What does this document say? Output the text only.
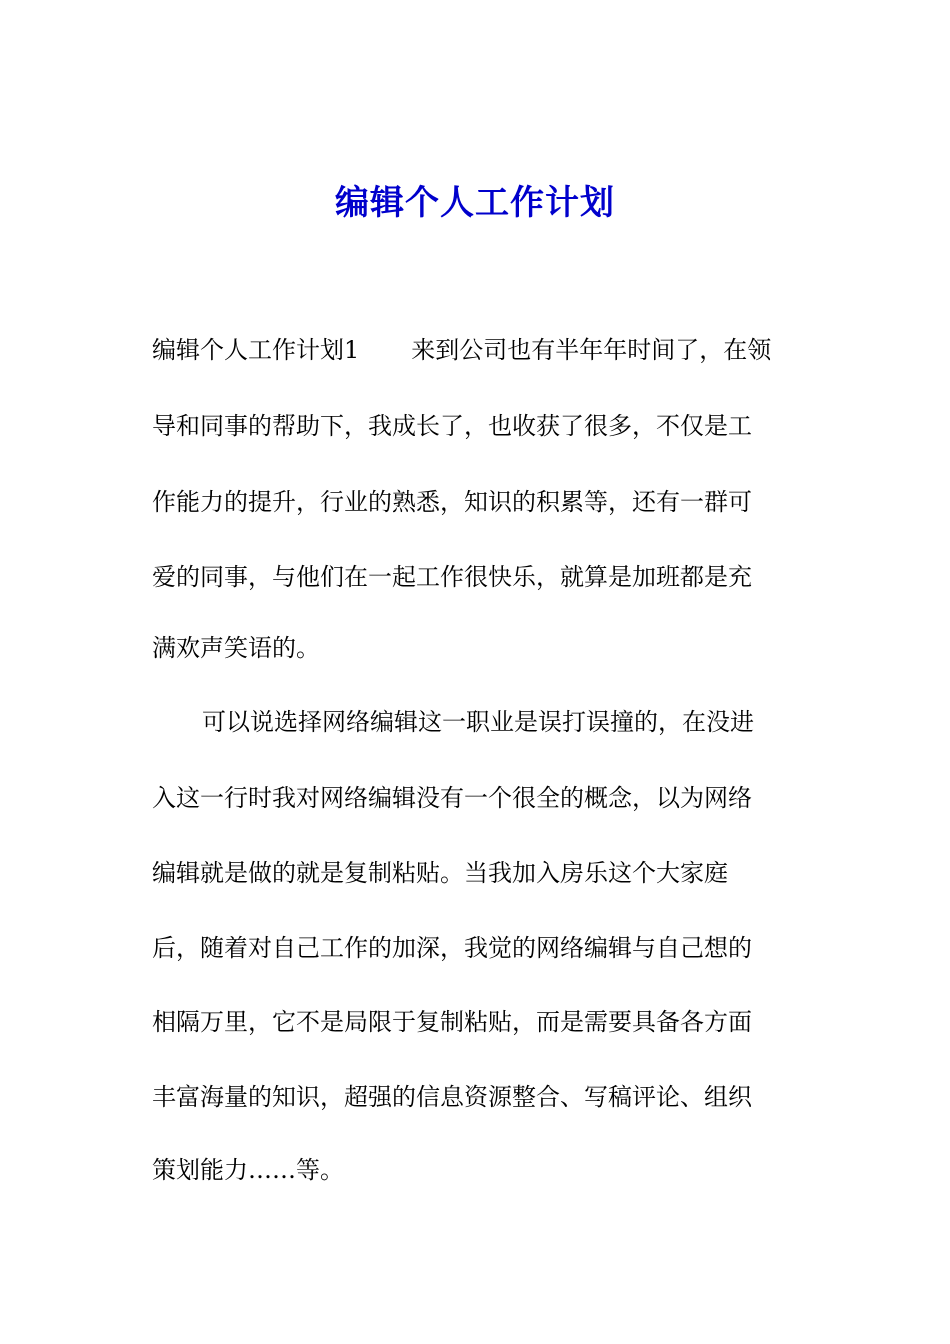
编辑个人工作计划
编辑个人工作计划1 来到公司也有半年年时间了，在领
导和同事的帮助下，我成长了，也收获了很多，不仅是工
作能力的提升，行业的熟悉，知识的积累等，还有一群可
爱的同事，与他们在一起工作很快乐，就算是加班都是充
满欢声笑语的。
可以说选择网络编辑这一职业是误打误撞的，在没进
入这一行时我对网络编辑没有一个很全的概念，以为网络
编辑就是做的就是复制粘贴。当我加入房乐这个大家庭
后，随着对自己工作的加深，我觉的网络编辑与自己想的
相隔万里，它不是局限于复制粘贴，而是需要具备各方面
丰富海量的知识，超强的信息资源整合、写稿评论、组织
策划能力……等。
